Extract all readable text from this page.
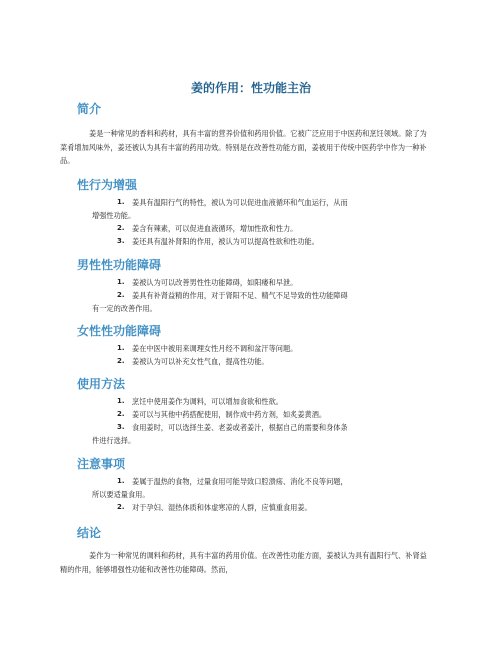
姜的作用：性功能主治
简介

姜是一种常见的香料和药材，具有丰富的营养价值和药用价值。它被广泛应用于中医药和烹饪领域。除了为菜肴增加风味外，姜还被认为具有丰富的药用功效。特别是在改善性功能方面，姜被用于传统中医药学中作为一种补品。

性行为增强
1. 姜具有温阳行气的特性，被认为可以促进血液循环和气血运行，从而
增强性功能。
2. 姜含有辣素，可以促进血液循环，增加性欲和性力。
3. 姜还具有温补肾阳的作用，被认为可以提高性欲和性功能。
男性性功能障碍
1. 姜被认为可以改善男性性功能障碍，如阳痿和早泄。
2. 姜具有补肾益精的作用，对于肾阳不足、精气不足导致的性功能障碍
有一定的改善作用。
女性性功能障碍
1. 姜在中医中被用来调理女性月经不调和盆汗等问题。
2. 姜被认为可以补充女性气血，提高性功能。
使用方法
1. 烹饪中使用姜作为调料，可以增加食欲和性欲。
2. 姜可以与其他中药搭配使用，制作成中药方剂，如炙姜黄酒。
3. 食用姜时，可以选择生姜、老姜或者姜汁，根据自己的需要和身体条
件进行选择。
注意事项
1. 姜属于温热的食物，过量食用可能导致口腔溃疡、消化不良等问题，
所以要适量食用。
2. 对于孕妇、湿热体质和体虚寒凉的人群，应慎重食用姜。
结论

姜作为一种常见的调料和药材，具有丰富的药用价值。在改善性功能方面，姜被认为具有温阳行气、补肾益精的作用，能够增强性功能和改善性功能障碍。然而，
